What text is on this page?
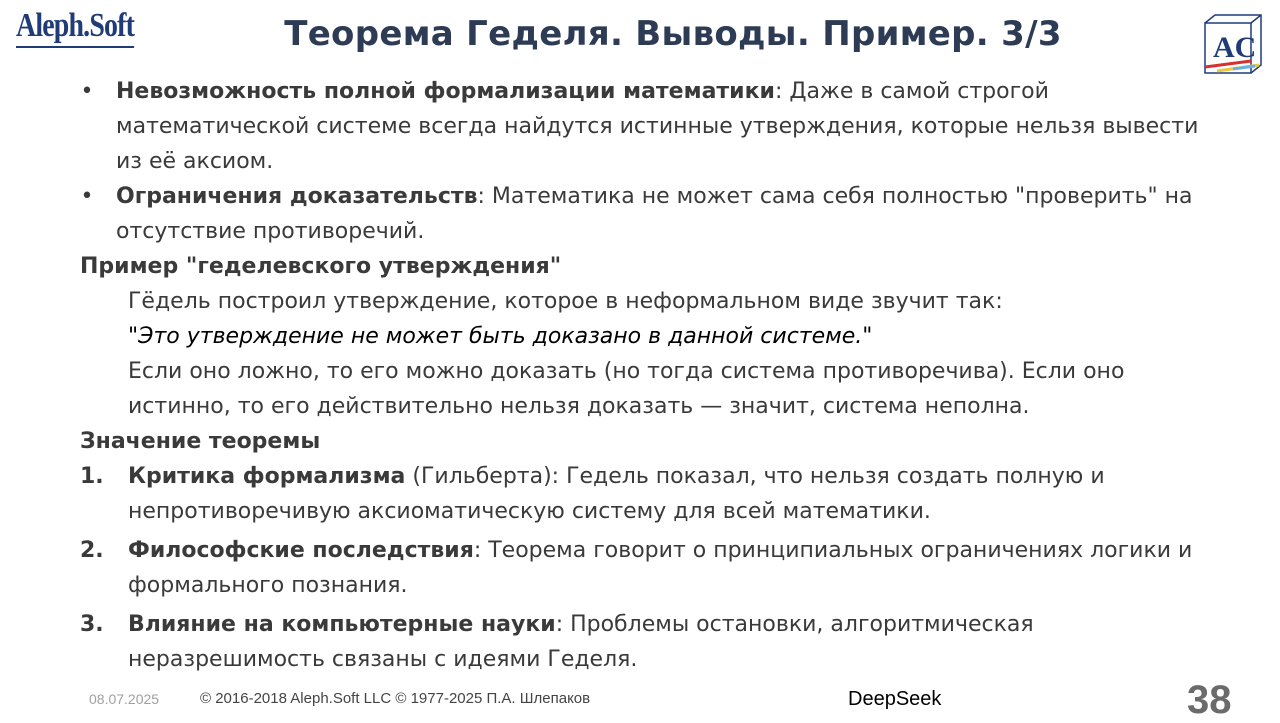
Aleph.Soft	Теорема Геделя. Выводы. Пример. 3/3	AC
• Невозможность полной формализации математики: Даже в самой строгой математической системе всегда найдутся истинные утверждения, которые нельзя вывести из её аксиом.
• Ограничения доказательств: Математика не может сама себя полностью "проверить" на отсутствие противоречий.
Пример "геделевского утверждения"
Гёдель построил утверждение, которое в неформальном виде звучит так:
"Это утверждение не может быть доказано в данной системе."
Если оно ложно, то его можно доказать (но тогда система противоречива). Если оно истинно, то его действительно нельзя доказать — значит, система неполна.
Значение теоремы
1. Критика формализма (Гильберта): Гедель показал, что нельзя создать полную и непротиворечивую аксиоматическую систему для всей математики.
2. Философские последствия: Теорема говорит о принципиальных ограничениях логики и формального познания.
3. Влияние на компьютерные науки: Проблемы остановки, алгоритмическая неразрешимость связаны с идеями Геделя.
08.07.2025	© 2016-2018 Aleph.Soft LLC © 1977-2025 П.А. Шлепаков	DeepSeek	38
